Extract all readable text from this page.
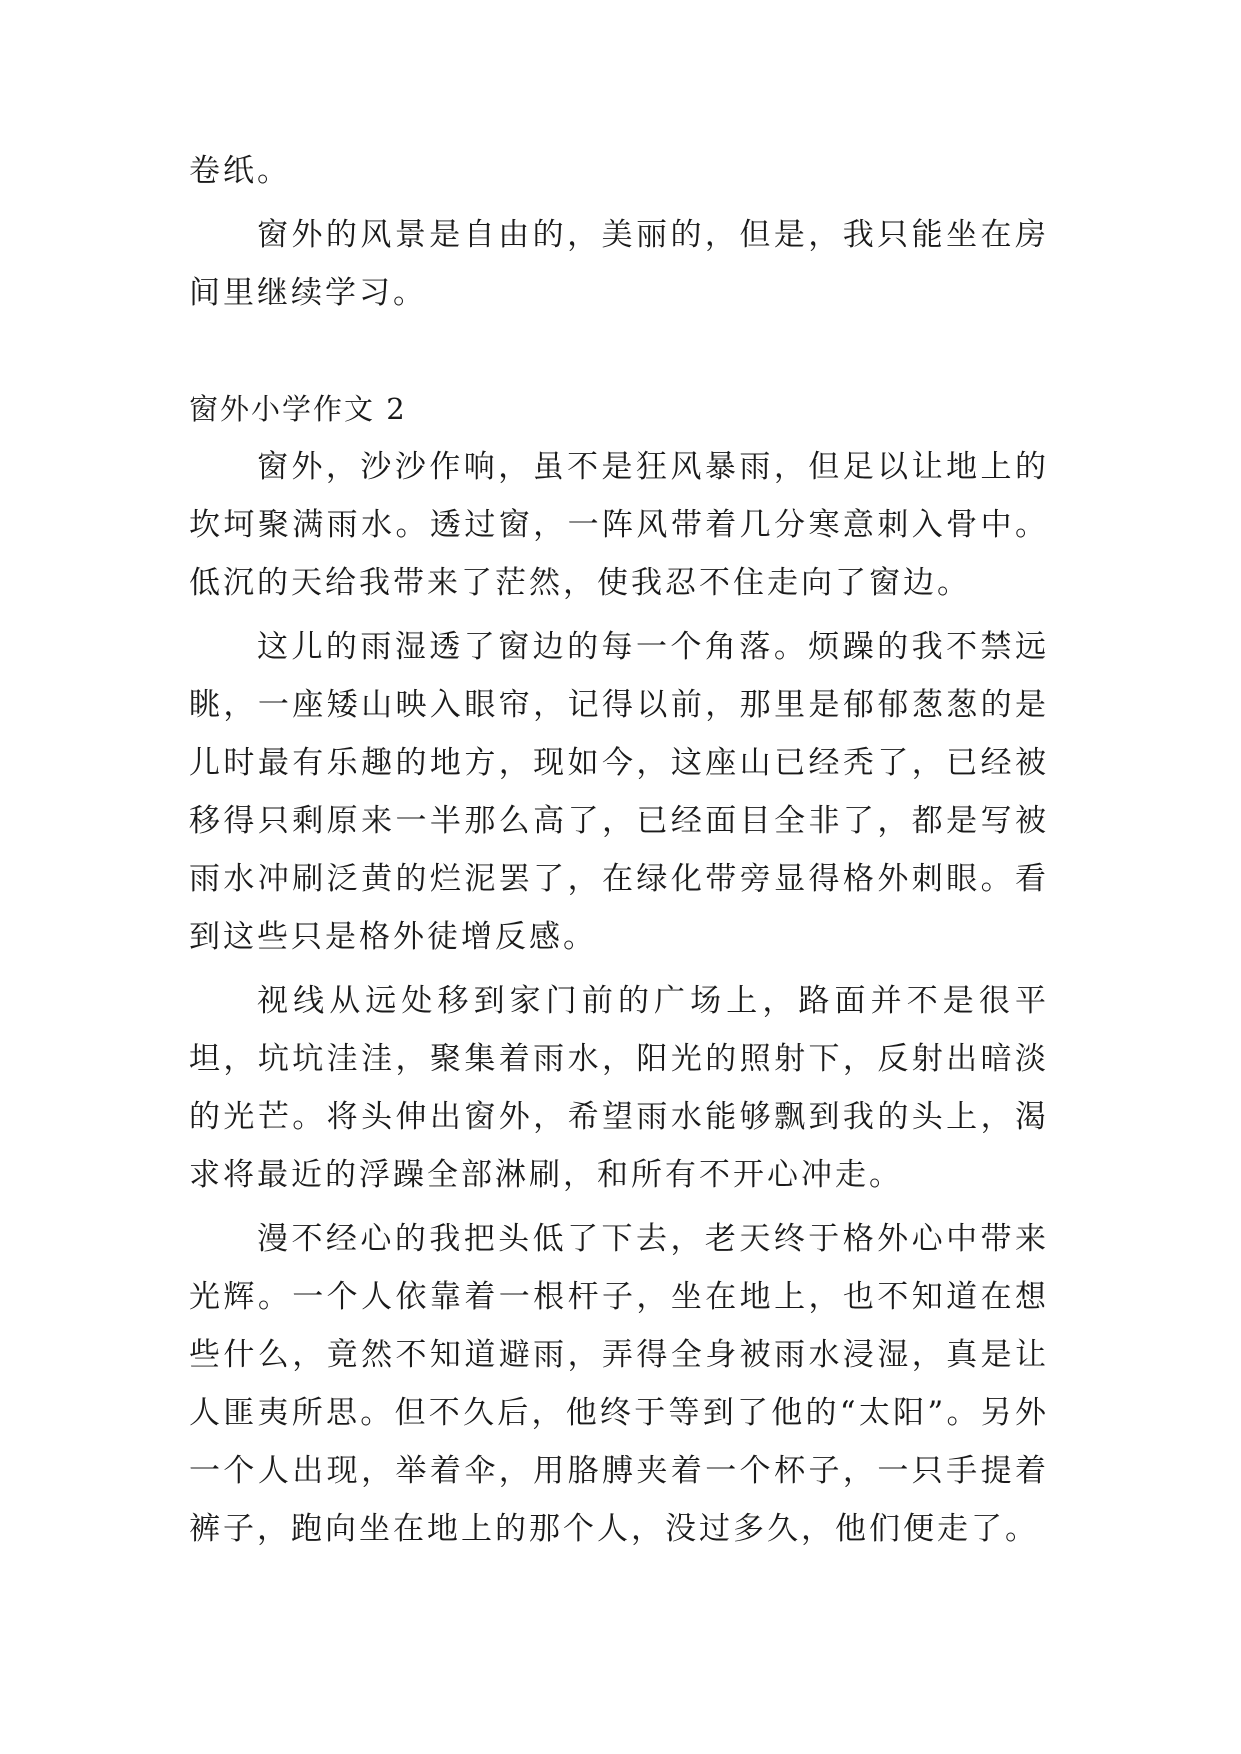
卷纸。

窗外的风景是自由的，美丽的，但是，我只能坐在房间里继续学习。

窗外小学作文 2

窗外，沙沙作响，虽不是狂风暴雨，但足以让地上的坎坷聚满雨水。透过窗，一阵风带着几分寒意刺入骨中。低沉的天给我带来了茫然，使我忍不住走向了窗边。

这儿的雨湿透了窗边的每一个角落。烦躁的我不禁远眺，一座矮山映入眼帘，记得以前，那里是郁郁葱葱的是儿时最有乐趣的地方，现如今，这座山已经秃了，已经被移得只剩原来一半那么高了，已经面目全非了，都是写被雨水冲刷泛黄的烂泥罢了，在绿化带旁显得格外刺眼。看到这些只是格外徒增反感。

视线从远处移到家门前的广场上，路面并不是很平坦，坑坑洼洼，聚集着雨水，阳光的照射下，反射出暗淡的光芒。将头伸出窗外，希望雨水能够飘到我的头上，渴求将最近的浮躁全部淋刷，和所有不开心冲走。

漫不经心的我把头低了下去，老天终于格外心中带来光辉。一个人依靠着一根杆子，坐在地上，也不知道在想些什么，竟然不知道避雨，弄得全身被雨水浸湿，真是让人匪夷所思。但不久后，他终于等到了他的“太阳”。另外一个人出现，举着伞，用胳膊夹着一个杯子，一只手提着裤子，跑向坐在地上的那个人，没过多久，他们便走了。
